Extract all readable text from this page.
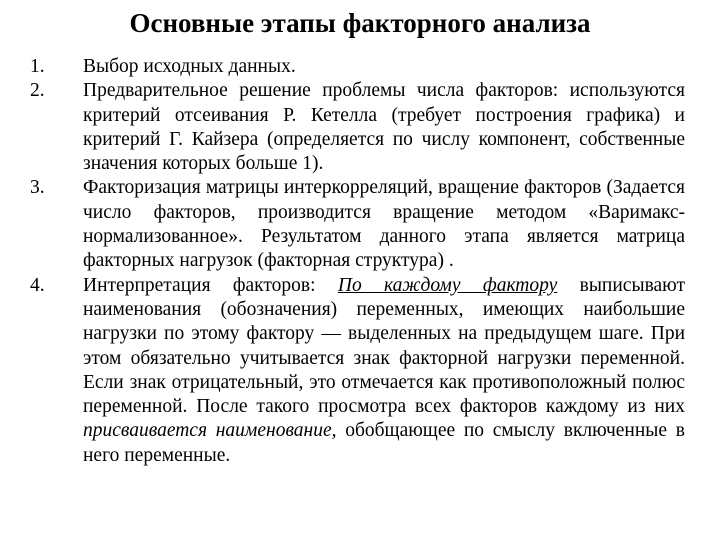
Основные этапы факторного анализа
1.	Выбор исходных данных.
2.	Предварительное решение проблемы числа факторов: используются критерий отсеивания Р. Кетелла (требует построения графика) и критерий Г. Кайзера (определяется по числу компонент, собственные значения которых больше 1).
3.	Факторизация матрицы интеркорреляций, вращение факторов (Задается число факторов, производится вращение методом «Варимакс-нормализованное». Результатом данного этапа является матрица факторных нагрузок (факторная структура) .
4.	Интерпретация факторов: По каждому фактору выписывают наименования (обозначения) переменных, имеющих наибольшие нагрузки по этому фактору — выделенных на предыдущем шаге. При этом обязательно учитывается знак факторной нагрузки переменной. Если знак отрицательный, это отмечается как противоположный полюс переменной. После такого просмотра всех факторов каждому из них присваивается наименование, обобщающее по смыслу включенные в него переменные.
